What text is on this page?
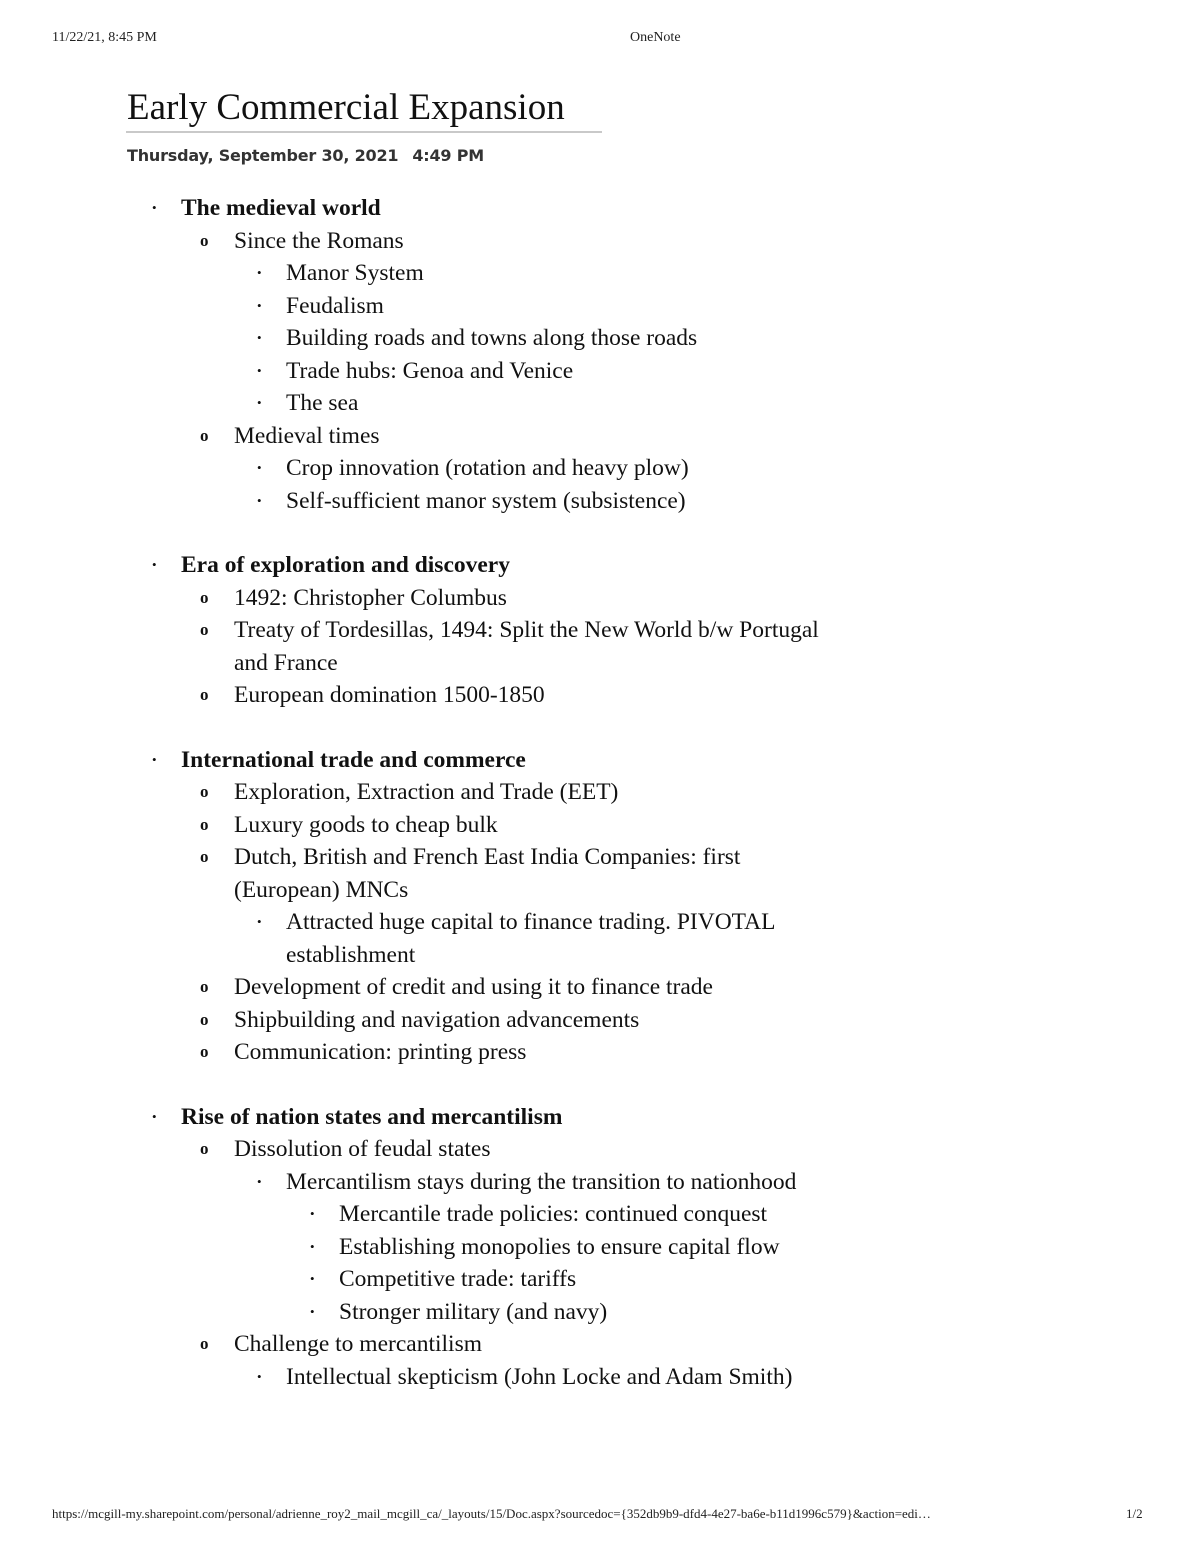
11/22/21, 8:45 PM	OneNote
Early Commercial Expansion
Thursday, September 30, 2021 4:49 PM
• The medieval world
o Since the Romans
• Manor System
• Feudalism
• Building roads and towns along those roads
• Trade hubs: Genoa and Venice
• The sea
o Medieval times
• Crop innovation (rotation and heavy plow)
• Self-sufficient manor system (subsistence)
• Era of exploration and discovery
o 1492: Christopher Columbus
o Treaty of Tordesillas, 1494: Split the New World b/w Portugal and France
o European domination 1500-1850
• International trade and commerce
o Exploration, Extraction and Trade (EET)
o Luxury goods to cheap bulk
o Dutch, British and French East India Companies: first (European) MNCs
• Attracted huge capital to finance trading. PIVOTAL establishment
o Development of credit and using it to finance trade
o Shipbuilding and navigation advancements
o Communication: printing press
• Rise of nation states and mercantilism
o Dissolution of feudal states
• Mercantilism stays during the transition to nationhood
• Mercantile trade policies: continued conquest
• Establishing monopolies to ensure capital flow
• Competitive trade: tariffs
• Stronger military (and navy)
o Challenge to mercantilism
• Intellectual skepticism (John Locke and Adam Smith)
https://mcgill-my.sharepoint.com/personal/adrienne_roy2_mail_mcgill_ca/_layouts/15/Doc.aspx?sourcedoc={352db9b9-dfd4-4e27-ba6e-b11d1996c579}&action=edi…	1/2
